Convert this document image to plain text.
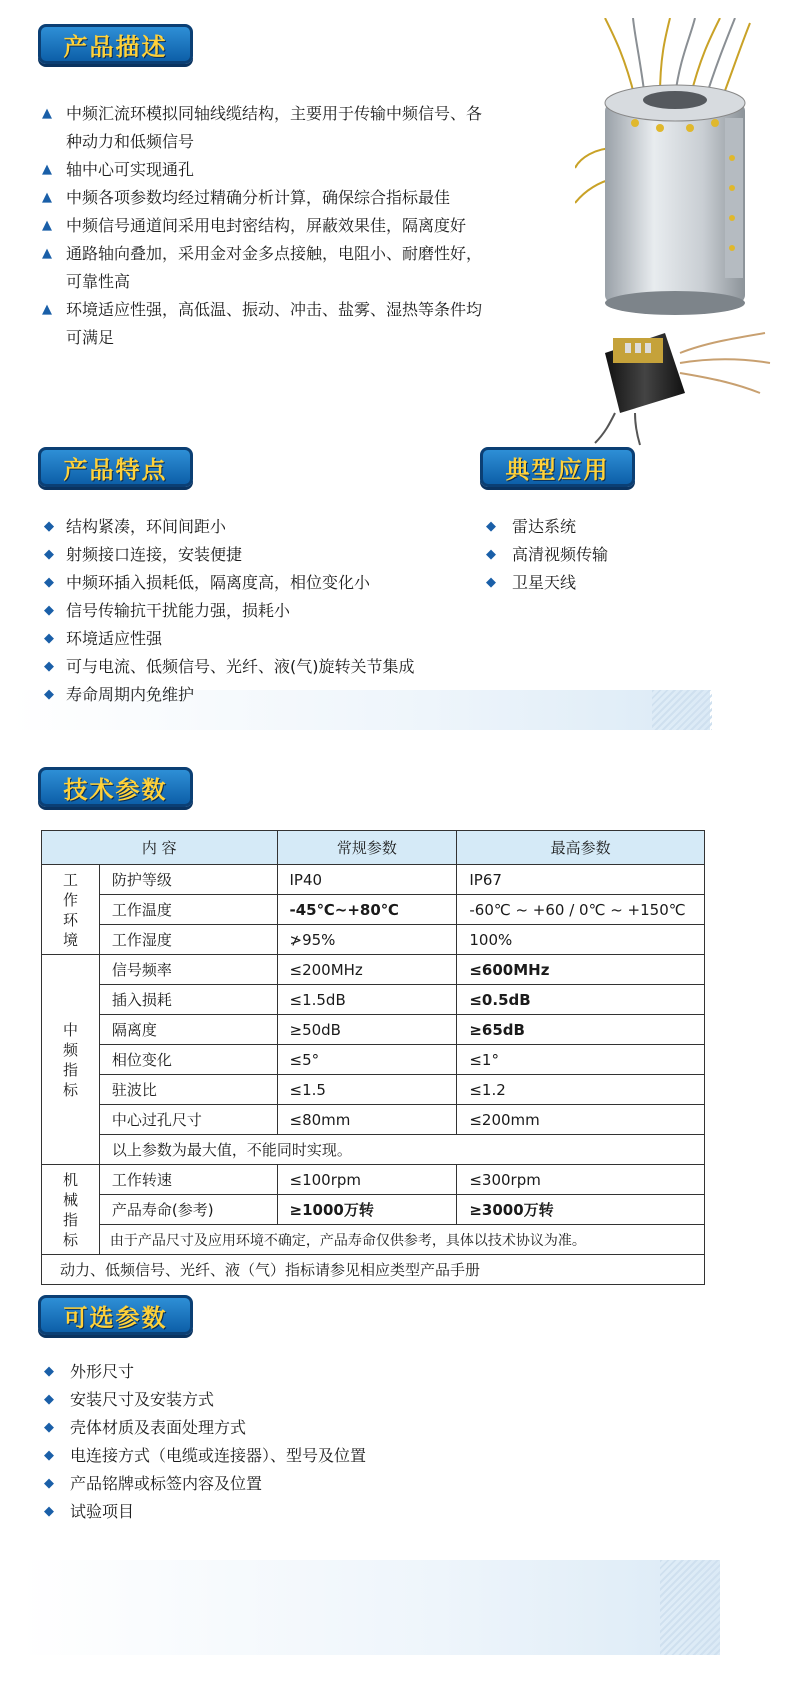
产品描述
▲ 中频汇流环模拟同轴线缆结构，主要用于传输中频信号、各种动力和低频信号
▲ 轴中心可实现通孔
▲ 中频各项参数均经过精确分析计算，确保综合指标最佳
▲ 中频信号通道间采用电封密结构，屏蔽效果佳，隔离度好
▲ 通路轴向叠加，采用金对金多点接触，电阻小、耐磨性好，可靠性高
▲ 环境适应性强，高低温、振动、冲击、盐雾、湿热等条件均可满足
产品特点
◆ ◆ 结构紧凑，环间间距小
◆ 射频接口连接，安装便捷
◆ 中频环插入损耗低，隔离度高，相位变化小
◆ 信号传输抗干扰能力强，损耗小
◆ 环境适应性强
◆ 可与电流、低频信号、光纤、液(气)旋转关节集成
◆ 寿命周期内免维护
典型应用
◆ 雷达系统
◆ 高清视频传输
◆ 卫星天线
技术参数
内 容		常规参数	最高参数

工作环境	防护等级	IP40	IP67
	工作温度	-45℃~+80℃	-60℃ ~ +60 / 0℃ ~ +150℃
	工作湿度	≯95%	100%

中频指标	信号频率	≤200MHz	≤600MHz
	插入损耗	≤1.5dB	≤0.5dB
	隔离度	≥50dB	≥65dB
	相位变化	≤5°	≤1°
	驻波比	≤1.5	≤1.2
	中心过孔尺寸	≤80mm	≤200mm
	以上参数为最大值，不能同时实现。		

机械指标	工作转速	≤100rpm	≤300rpm
	产品寿命(参考)	≥1000万转	≥3000万转
	由于产品尺寸及应用环境不确定，产品寿命仅供参考，具体以技术协议为准。		
动力、低频信号、光纤、液（气）指标请参见相应类型产品手册			
可选参数
◆ 外形尺寸
◆ 安装尺寸及安装方式
◆ 壳体材质及表面处理方式
◆ 电连接方式（电缆或连接器）、型号及位置
◆ 产品铭牌或标签内容及位置
◆ 试验项目
